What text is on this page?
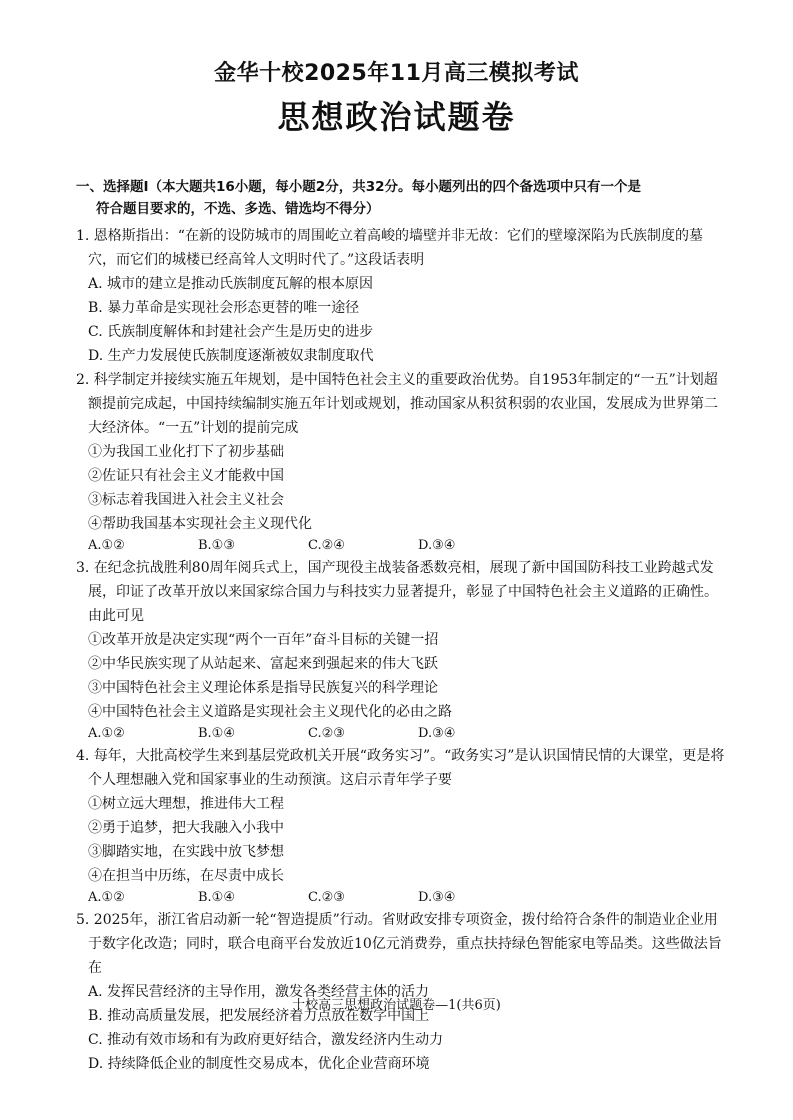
金华十校2025年11月高三模拟考试
思想政治试题卷
一、选择题Ⅰ（本大题共16小题，每小题2分，共32分。每小题列出的四个备选项中只有一个是
符合题目要求的，不选、多选、错选均不得分）
1. 恩格斯指出：“在新的设防城市的周围屹立着高峻的墙壁并非无故：它们的壁壕深陷为氏族制度的墓穴，而它们的城楼已经高耸人文明时代了。”这段话表明
A. 城市的建立是推动氏族制度瓦解的根本原因
B. 暴力革命是实现社会形态更替的唯一途径
C. 氏族制度解体和封建社会产生是历史的进步
D. 生产力发展使氏族制度逐渐被奴隶制度取代
2. 科学制定并接续实施五年规划，是中国特色社会主义的重要政治优势。自1953年制定的“一五”计划超额提前完成起，中国持续编制实施五年计划或规划，推动国家从积贫积弱的农业国，发展成为世界第二大经济体。“一五”计划的提前完成
①为我国工业化打下了初步基础
②佐证只有社会主义才能救中国
③标志着我国进入社会主义社会
④帮助我国基本实现社会主义现代化
A.①②	B.①③	C.②④	D.③④
3. 在纪念抗战胜利80周年阅兵式上，国产现役主战装备悉数亮相，展现了新中国国防科技工业跨越式发展，印证了改革开放以来国家综合国力与科技实力显著提升，彰显了中国特色社会主义道路的正确性。由此可见
①改革开放是决定实现“两个一百年”奋斗目标的关键一招
②中华民族实现了从站起来、富起来到强起来的伟大飞跃
③中国特色社会主义理论体系是指导民族复兴的科学理论
④中国特色社会主义道路是实现社会主义现代化的必由之路
A.①②	B.①④	C.②③	D.③④
4. 每年，大批高校学生来到基层党政机关开展“政务实习”。“政务实习”是认识国情民情的大课堂，更是将个人理想融入党和国家事业的生动预演。这启示青年学子要
①树立远大理想，推进伟大工程
②勇于追梦，把大我融入小我中
③脚踏实地，在实践中放飞梦想
④在担当中历练，在尽责中成长
A.①②	B.①④	C.②③	D.③④
5. 2025年，浙江省启动新一轮“智造提质”行动。省财政安排专项资金，拨付给符合条件的制造业企业用于数字化改造；同时，联合电商平台发放近10亿元消费券，重点扶持绿色智能家电等品类。这些做法旨在
A. 发挥民营经济的主导作用，激发各类经营主体的活力
B. 推动高质量发展，把发展经济着力点放在数字中国上
C. 推动有效市场和有为政府更好结合，激发经济内生动力
D. 持续降低企业的制度性交易成本，优化企业营商环境
十校高三思想政治试题卷—1(共6页)
